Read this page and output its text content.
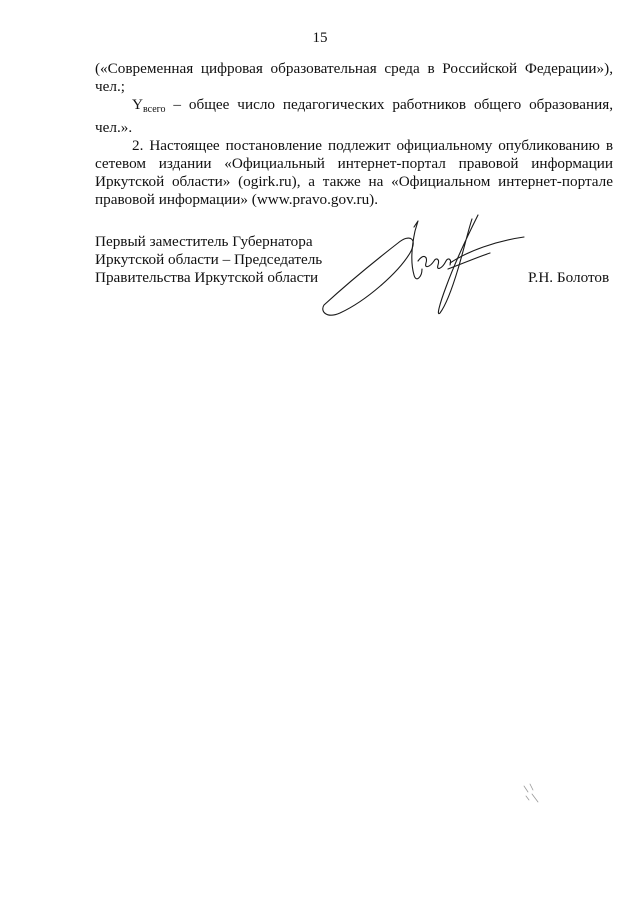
15

(«Современная цифровая образовательная среда в Российской Федерации»), чел.;

$Y_{всего}$ – общее число педагогических работников общего образования, чел.».

2. Настоящее постановление подлежит официальному опубликованию в сетевом издании «Официальный интернет-портал правовой информации Иркутской области» (ogirk.ru), а также на «Официальном интернет-портале правовой информации» (www.pravo.gov.ru).

Первый заместитель Губернатора
Иркутской области – Председатель
Правительства Иркутской области	Р.Н. Болотов
